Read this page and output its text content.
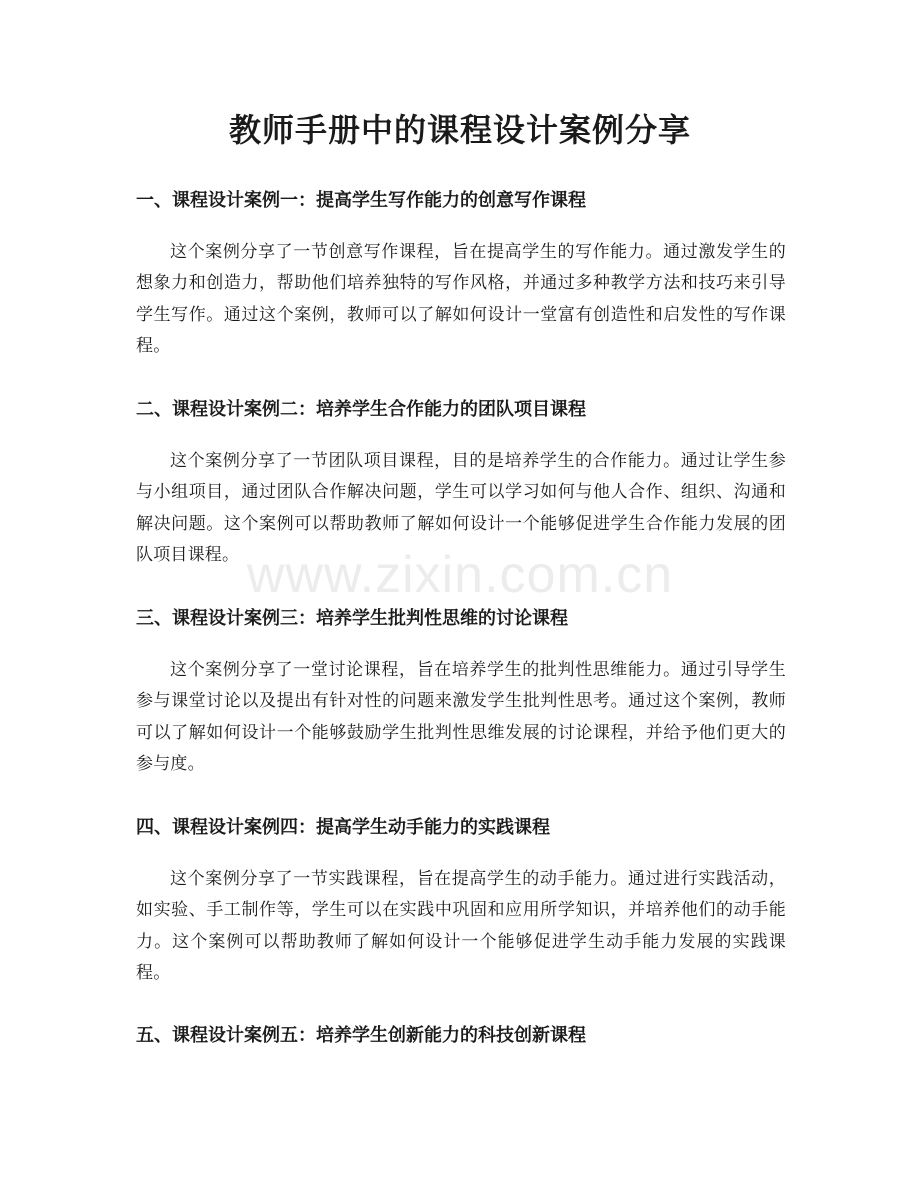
教师手册中的课程设计案例分享
一、课程设计案例一：提高学生写作能力的创意写作课程

这个案例分享了一节创意写作课程，旨在提高学生的写作能力。通过激发学生的想象力和创造力，帮助他们培养独特的写作风格，并通过多种教学方法和技巧来引导学生写作。通过这个案例，教师可以了解如何设计一堂富有创造性和启发性的写作课程。

二、课程设计案例二：培养学生合作能力的团队项目课程

这个案例分享了一节团队项目课程，目的是培养学生的合作能力。通过让学生参与小组项目，通过团队合作解决问题，学生可以学习如何与他人合作、组织、沟通和解决问题。这个案例可以帮助教师了解如何设计一个能够促进学生合作能力发展的团队项目课程。

三、课程设计案例三：培养学生批判性思维的讨论课程

这个案例分享了一堂讨论课程，旨在培养学生的批判性思维能力。通过引导学生参与课堂讨论以及提出有针对性的问题来激发学生批判性思考。通过这个案例，教师可以了解如何设计一个能够鼓励学生批判性思维发展的讨论课程，并给予他们更大的参与度。

四、课程设计案例四：提高学生动手能力的实践课程

这个案例分享了一节实践课程，旨在提高学生的动手能力。通过进行实践活动，如实验、手工制作等，学生可以在实践中巩固和应用所学知识，并培养他们的动手能力。这个案例可以帮助教师了解如何设计一个能够促进学生动手能力发展的实践课程。

五、课程设计案例五：培养学生创新能力的科技创新课程
www.zixin.com.cn
